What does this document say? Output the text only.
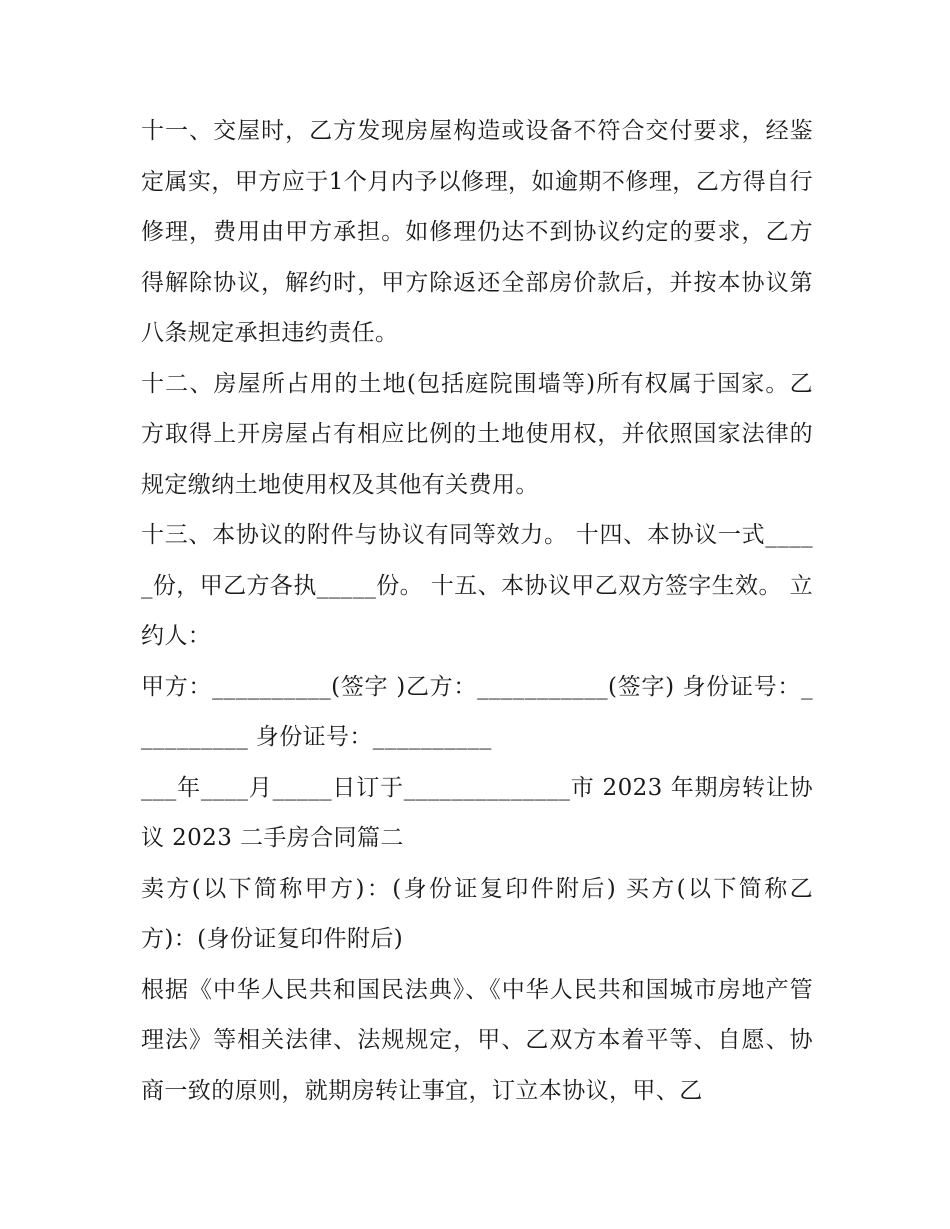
十一、交屋时，乙方发现房屋构造或设备不符合交付要求，经鉴定属实，甲方应于1个月内予以修理，如逾期不修理，乙方得自行修理，费用由甲方承担。如修理仍达不到协议约定的要求，乙方得解除协议，解约时，甲方除返还全部房价款后，并按本协议第八条规定承担违约责任。

十二、房屋所占用的土地(包括庭院围墙等)所有权属于国家。乙方取得上开房屋占有相应比例的土地使用权，并依照国家法律的规定缴纳土地使用权及其他有关费用。

十三、本协议的附件与协议有同等效力。 十四、本协议一式_____份，甲乙方各执_____份。 十五、本协议甲乙双方签字生效。 立约人：

甲方：__________(签字 )乙方：___________(签字) 身份证号：__________ 身份证号：__________

___年____月_____日订于______________市 2023 年期房转让协议 2023 二手房合同篇二

卖方(以下简称甲方)：(身份证复印件附后) 买方(以下简称乙方)：(身份证复印件附后)

根据《中华人民共和国民法典》、《中华人民共和国城市房地产管理法》等相关法律、法规规定，甲、乙双方本着平等、自愿、协商一致的原则，就期房转让事宜，订立本协议，甲、乙
